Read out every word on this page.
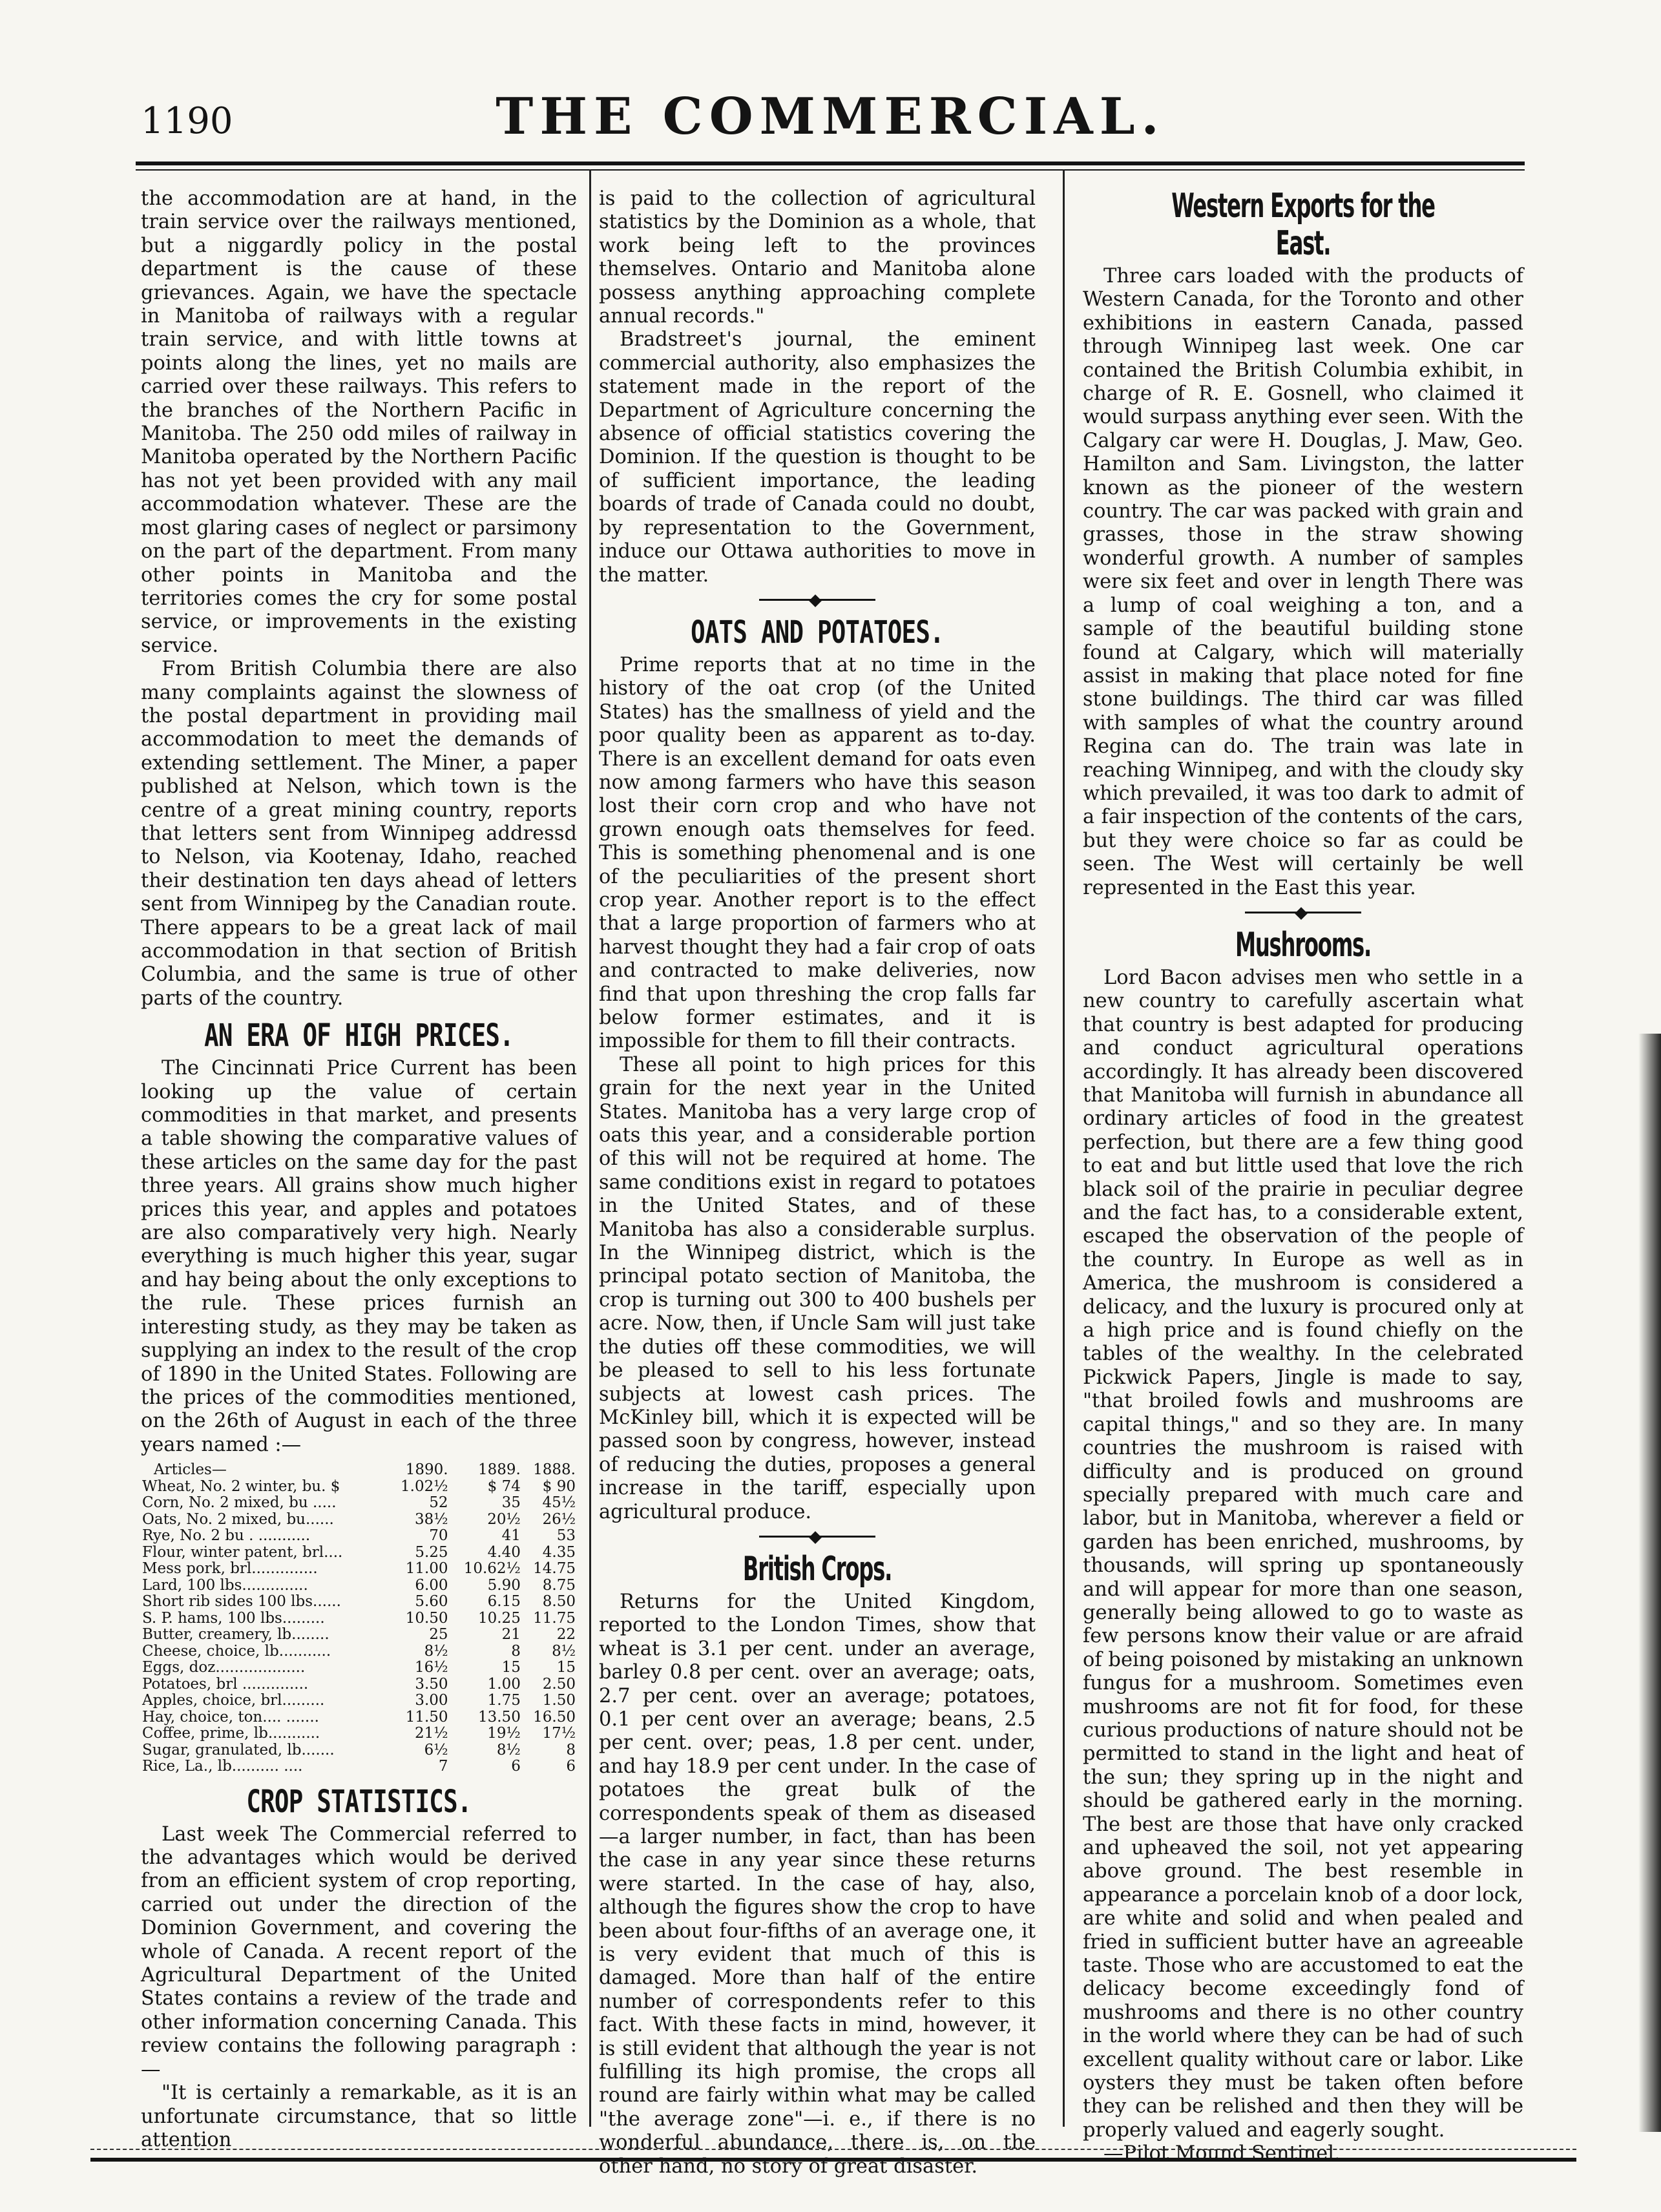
1190	THE COMMERCIAL.

the accommodation are at hand, in the train service over the railways mentioned, but a niggardly policy in the postal department is the cause of these grievances. Again, we have the spectacle in Manitoba of railways with a regular train service, and with little towns at points along the lines, yet no mails are carried over these railways. This refers to the branches of the Northern Pacific in Manitoba. The 250 odd miles of railway in Manitoba operated by the Northern Pacific has not yet been provided with any mail accommodation whatever. These are the most glaring cases of neglect or parsimony on the part of the department. From many other points in Manitoba and the territories comes the cry for some postal service, or improvements in the existing service.

From British Columbia there are also many complaints against the slowness of the postal department in providing mail accommodation to meet the demands of extending settlement. The Miner, a paper published at Nelson, which town is the centre of a great mining country, reports that letters sent from Winnipeg addressd to Nelson, via Kootenay, Idaho, reached their destination ten days ahead of letters sent from Winnipeg by the Canadian route. There appears to be a great lack of mail accommodation in that section of British Columbia, and the same is true of other parts of the country.

AN ERA OF HIGH PRICES.

The Cincinnati Price Current has been looking up the value of certain commodities in that market, and presents a table showing the comparative values of these articles on the same day for the past three years. All grains show much higher prices this year, and apples and potatoes are also comparatively very high. Nearly everything is much higher this year, sugar and hay being about the only exceptions to the rule. These prices furnish an interesting study, as they may be taken as supplying an index to the result of the crop of 1890 in the United States. Following are the prices of the commodities mentioned, on the 26th of August in each of the three years named :—

Articles—	1890.	1889.	1888.
Wheat, No. 2 winter, bu. $	1.02½	$ 74	$ 90
Corn, No. 2 mixed, bu .....	52	35	45½
Oats, No. 2 mixed, bu......	38½	20½	26½
Rye, No. 2 bu . ...........	70	41	53
Flour, winter patent, brl....	5.25	4.40	4.35
Mess pork, brl..............	11.00	10.62½	14.75
Lard, 100 lbs..............	6.00	5.90	8.75
Short rib sides 100 lbs......	5.60	6.15	8.50
S. P. hams, 100 lbs.........	10.50	10.25	11.75
Butter, creamery, lb........	25	21	22
Cheese, choice, lb...........	8½	8	8½
Eggs, doz...................	16½	15	15
Potatoes, brl ..............	3.50	1.00	2.50
Apples, choice, brl.........	3.00	1.75	1.50
Hay, choice, ton.... .......	11.50	13.50	16.50
Coffee, prime, lb...........	21½	19½	17½
Sugar, granulated, lb.......	6½	8½	8
Rice, La., lb.......... ....	7	6	6
CROP STATISTICS.

Last week The Commercial referred to the advantages which would be derived from an efficient system of crop reporting, carried out under the direction of the Dominion Government, and covering the whole of Canada. A recent report of the Agricultural Department of the United States contains a review of the trade and other information concerning Canada. This review contains the following paragraph :—

"It is certainly a remarkable, as it is an unfortunate circumstance, that so little attention

is paid to the collection of agricultural statistics by the Dominion as a whole, that work being left to the provinces themselves. Ontario and Manitoba alone possess anything approaching complete annual records."

Bradstreet's journal, the eminent commercial authority, also emphasizes the statement made in the report of the Department of Agriculture concerning the absence of official statistics covering the Dominion. If the question is thought to be of sufficient importance, the leading boards of trade of Canada could no doubt, by representation to the Government, induce our Ottawa authorities to move in the matter.

OATS AND POTATOES.

Prime reports that at no time in the history of the oat crop (of the United States) has the smallness of yield and the poor quality been as apparent as to-day. There is an excellent demand for oats even now among farmers who have this season lost their corn crop and who have not grown enough oats themselves for feed. This is something phenomenal and is one of the peculiarities of the present short crop year. Another report is to the effect that a large proportion of farmers who at harvest thought they had a fair crop of oats and contracted to make deliveries, now find that upon threshing the crop falls far below former estimates, and it is impossible for them to fill their contracts.

These all point to high prices for this grain for the next year in the United States. Manitoba has a very large crop of oats this year, and a considerable portion of this will not be required at home. The same conditions exist in regard to potatoes in the United States, and of these Manitoba has also a considerable surplus. In the Winnipeg district, which is the principal potato section of Manitoba, the crop is turning out 300 to 400 bushels per acre. Now, then, if Uncle Sam will just take the duties off these commodities, we will be pleased to sell to his less fortunate subjects at lowest cash prices. The McKinley bill, which it is expected will be passed soon by congress, however, instead of reducing the duties, proposes a general increase in the tariff, especially upon agricultural produce.

British Crops.

Returns for the United Kingdom, reported to the London Times, show that wheat is 3.1 per cent. under an average, barley 0.8 per cent. over an average; oats, 2.7 per cent. over an average; potatoes, 0.1 per cent over an average; beans, 2.5 per cent. over; peas, 1.8 per cent. under, and hay 18.9 per cent under. In the case of potatoes the great bulk of the correspondents speak of them as diseased—a larger number, in fact, than has been the case in any year since these returns were started. In the case of hay, also, although the figures show the crop to have been about four-fifths of an average one, it is very evident that much of this is damaged. More than half of the entire number of correspondents refer to this fact. With these facts in mind, however, it is still evident that although the year is not fulfilling its high promise, the crops all round are fairly within what may be called "the average zone"—i. e., if there is no wonderful abundance, there is, on the other hand, no story of great disaster.

Western Exports for the East.

Three cars loaded with the products of Western Canada, for the Toronto and other exhibitions in eastern Canada, passed through Winnipeg last week. One car contained the British Columbia exhibit, in charge of R. E. Gosnell, who claimed it would surpass anything ever seen. With the Calgary car were H. Douglas, J. Maw, Geo. Hamilton and Sam. Livingston, the latter known as the pioneer of the western country. The car was packed with grain and grasses, those in the straw showing wonderful growth. A number of samples were six feet and over in length There was a lump of coal weighing a ton, and a sample of the beautiful building stone found at Calgary, which will materially assist in making that place noted for fine stone buildings. The third car was filled with samples of what the country around Regina can do. The train was late in reaching Winnipeg, and with the cloudy sky which prevailed, it was too dark to admit of a fair inspection of the contents of the cars, but they were choice so far as could be seen. The West will certainly be well represented in the East this year.

Mushrooms.

Lord Bacon advises men who settle in a new country to carefully ascertain what that country is best adapted for producing and conduct agricultural operations accordingly. It has already been discovered that Manitoba will furnish in abundance all ordinary articles of food in the greatest perfection, but there are a few thing good to eat and but little used that love the rich black soil of the prairie in peculiar degree and the fact has, to a considerable extent, escaped the observation of the people of the country. In Europe as well as in America, the mushroom is considered a delicacy, and the luxury is procured only at a high price and is found chiefly on the tables of the wealthy. In the celebrated Pickwick Papers, Jingle is made to say, "that broiled fowls and mushrooms are capital things," and so they are. In many countries the mushroom is raised with difficulty and is produced on ground specially prepared with much care and labor, but in Manitoba, wherever a field or garden has been enriched, mushrooms, by thousands, will spring up spontaneously and will appear for more than one season, generally being allowed to go to waste as few persons know their value or are afraid of being poisoned by mistaking an unknown fungus for a mushroom. Sometimes even mushrooms are not fit for food, for these curious productions of nature should not be permitted to stand in the light and heat of the sun; they spring up in the night and should be gathered early in the morning. The best are those that have only cracked and upheaved the soil, not yet appearing above ground. The best resemble in appearance a porcelain knob of a door lock, are white and solid and when pealed and fried in sufficient butter have an agreeable taste. Those who are accustomed to eat the delicacy become exceedingly fond of mushrooms and there is no other country in the world where they can be had of such excellent quality without care or labor. Like oysters they must be taken often before they can be relished and then they will be properly valued and eagerly sought.

—Pilot Mound Sentinel.
